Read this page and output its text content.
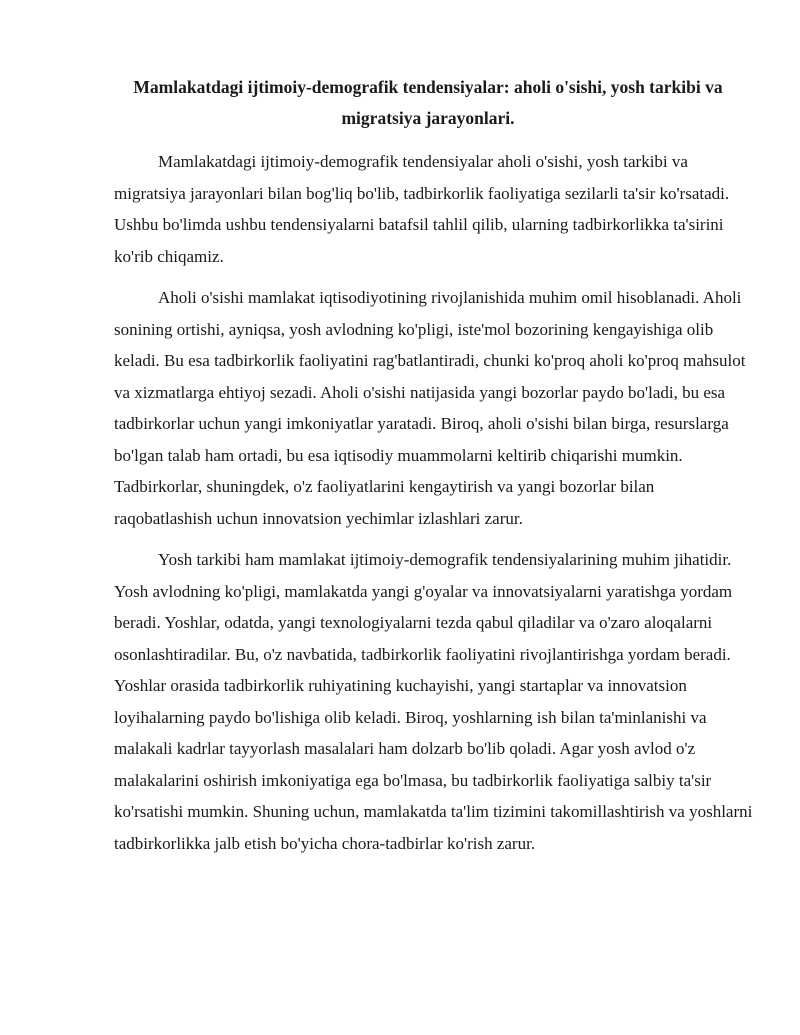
Mamlakatdagi ijtimoiy-demografik tendensiyalar: aholi o'sishi, yosh tarkibi va migratsiya jarayonlari.

Mamlakatdagi ijtimoiy-demografik tendensiyalar aholi o'sishi, yosh tarkibi va migratsiya jarayonlari bilan bog'liq bo'lib, tadbirkorlik faoliyatiga sezilarli ta'sir ko'rsatadi. Ushbu bo'limda ushbu tendensiyalarni batafsil tahlil qilib, ularning tadbirkorlikka ta'sirini ko'rib chiqamiz.

Aholi o'sishi mamlakat iqtisodiyotining rivojlanishida muhim omil hisoblanadi. Aholi sonining ortishi, ayniqsa, yosh avlodning ko'pligi, iste'mol bozorining kengayishiga olib keladi. Bu esa tadbirkorlik faoliyatini rag'batlantiradi, chunki ko'proq aholi ko'proq mahsulot va xizmatlarga ehtiyoj sezadi. Aholi o'sishi natijasida yangi bozorlar paydo bo'ladi, bu esa tadbirkorlar uchun yangi imkoniyatlar yaratadi. Biroq, aholi o'sishi bilan birga, resurslarga bo'lgan talab ham ortadi, bu esa iqtisodiy muammolarni keltirib chiqarishi mumkin. Tadbirkorlar, shuningdek, o'z faoliyatlarini kengaytirish va yangi bozorlar bilan raqobatlashish uchun innovatsion yechimlar izlashlari zarur.

Yosh tarkibi ham mamlakat ijtimoiy-demografik tendensiyalarining muhim jihatidir. Yosh avlodning ko'pligi, mamlakatda yangi g'oyalar va innovatsiyalarni yaratishga yordam beradi. Yoshlar, odatda, yangi texnologiyalarni tezda qabul qiladilar va o'zaro aloqalarni osonlashtiradilar. Bu, o'z navbatida, tadbirkorlik faoliyatini rivojlantirishga yordam beradi. Yoshlar orasida tadbirkorlik ruhiyatining kuchayishi, yangi startaplar va innovatsion loyihalarning paydo bo'lishiga olib keladi. Biroq, yoshlarning ish bilan ta'minlanishi va malakali kadrlar tayyorlash masalalari ham dolzarb bo'lib qoladi. Agar yosh avlod o'z malakalarini oshirish imkoniyatiga ega bo'lmasa, bu tadbirkorlik faoliyatiga salbiy ta'sir ko'rsatishi mumkin. Shuning uchun, mamlakatda ta'lim tizimini takomillashtirish va yoshlarni tadbirkorlikka jalb etish bo'yicha chora-tadbirlar ko'rish zarur.
